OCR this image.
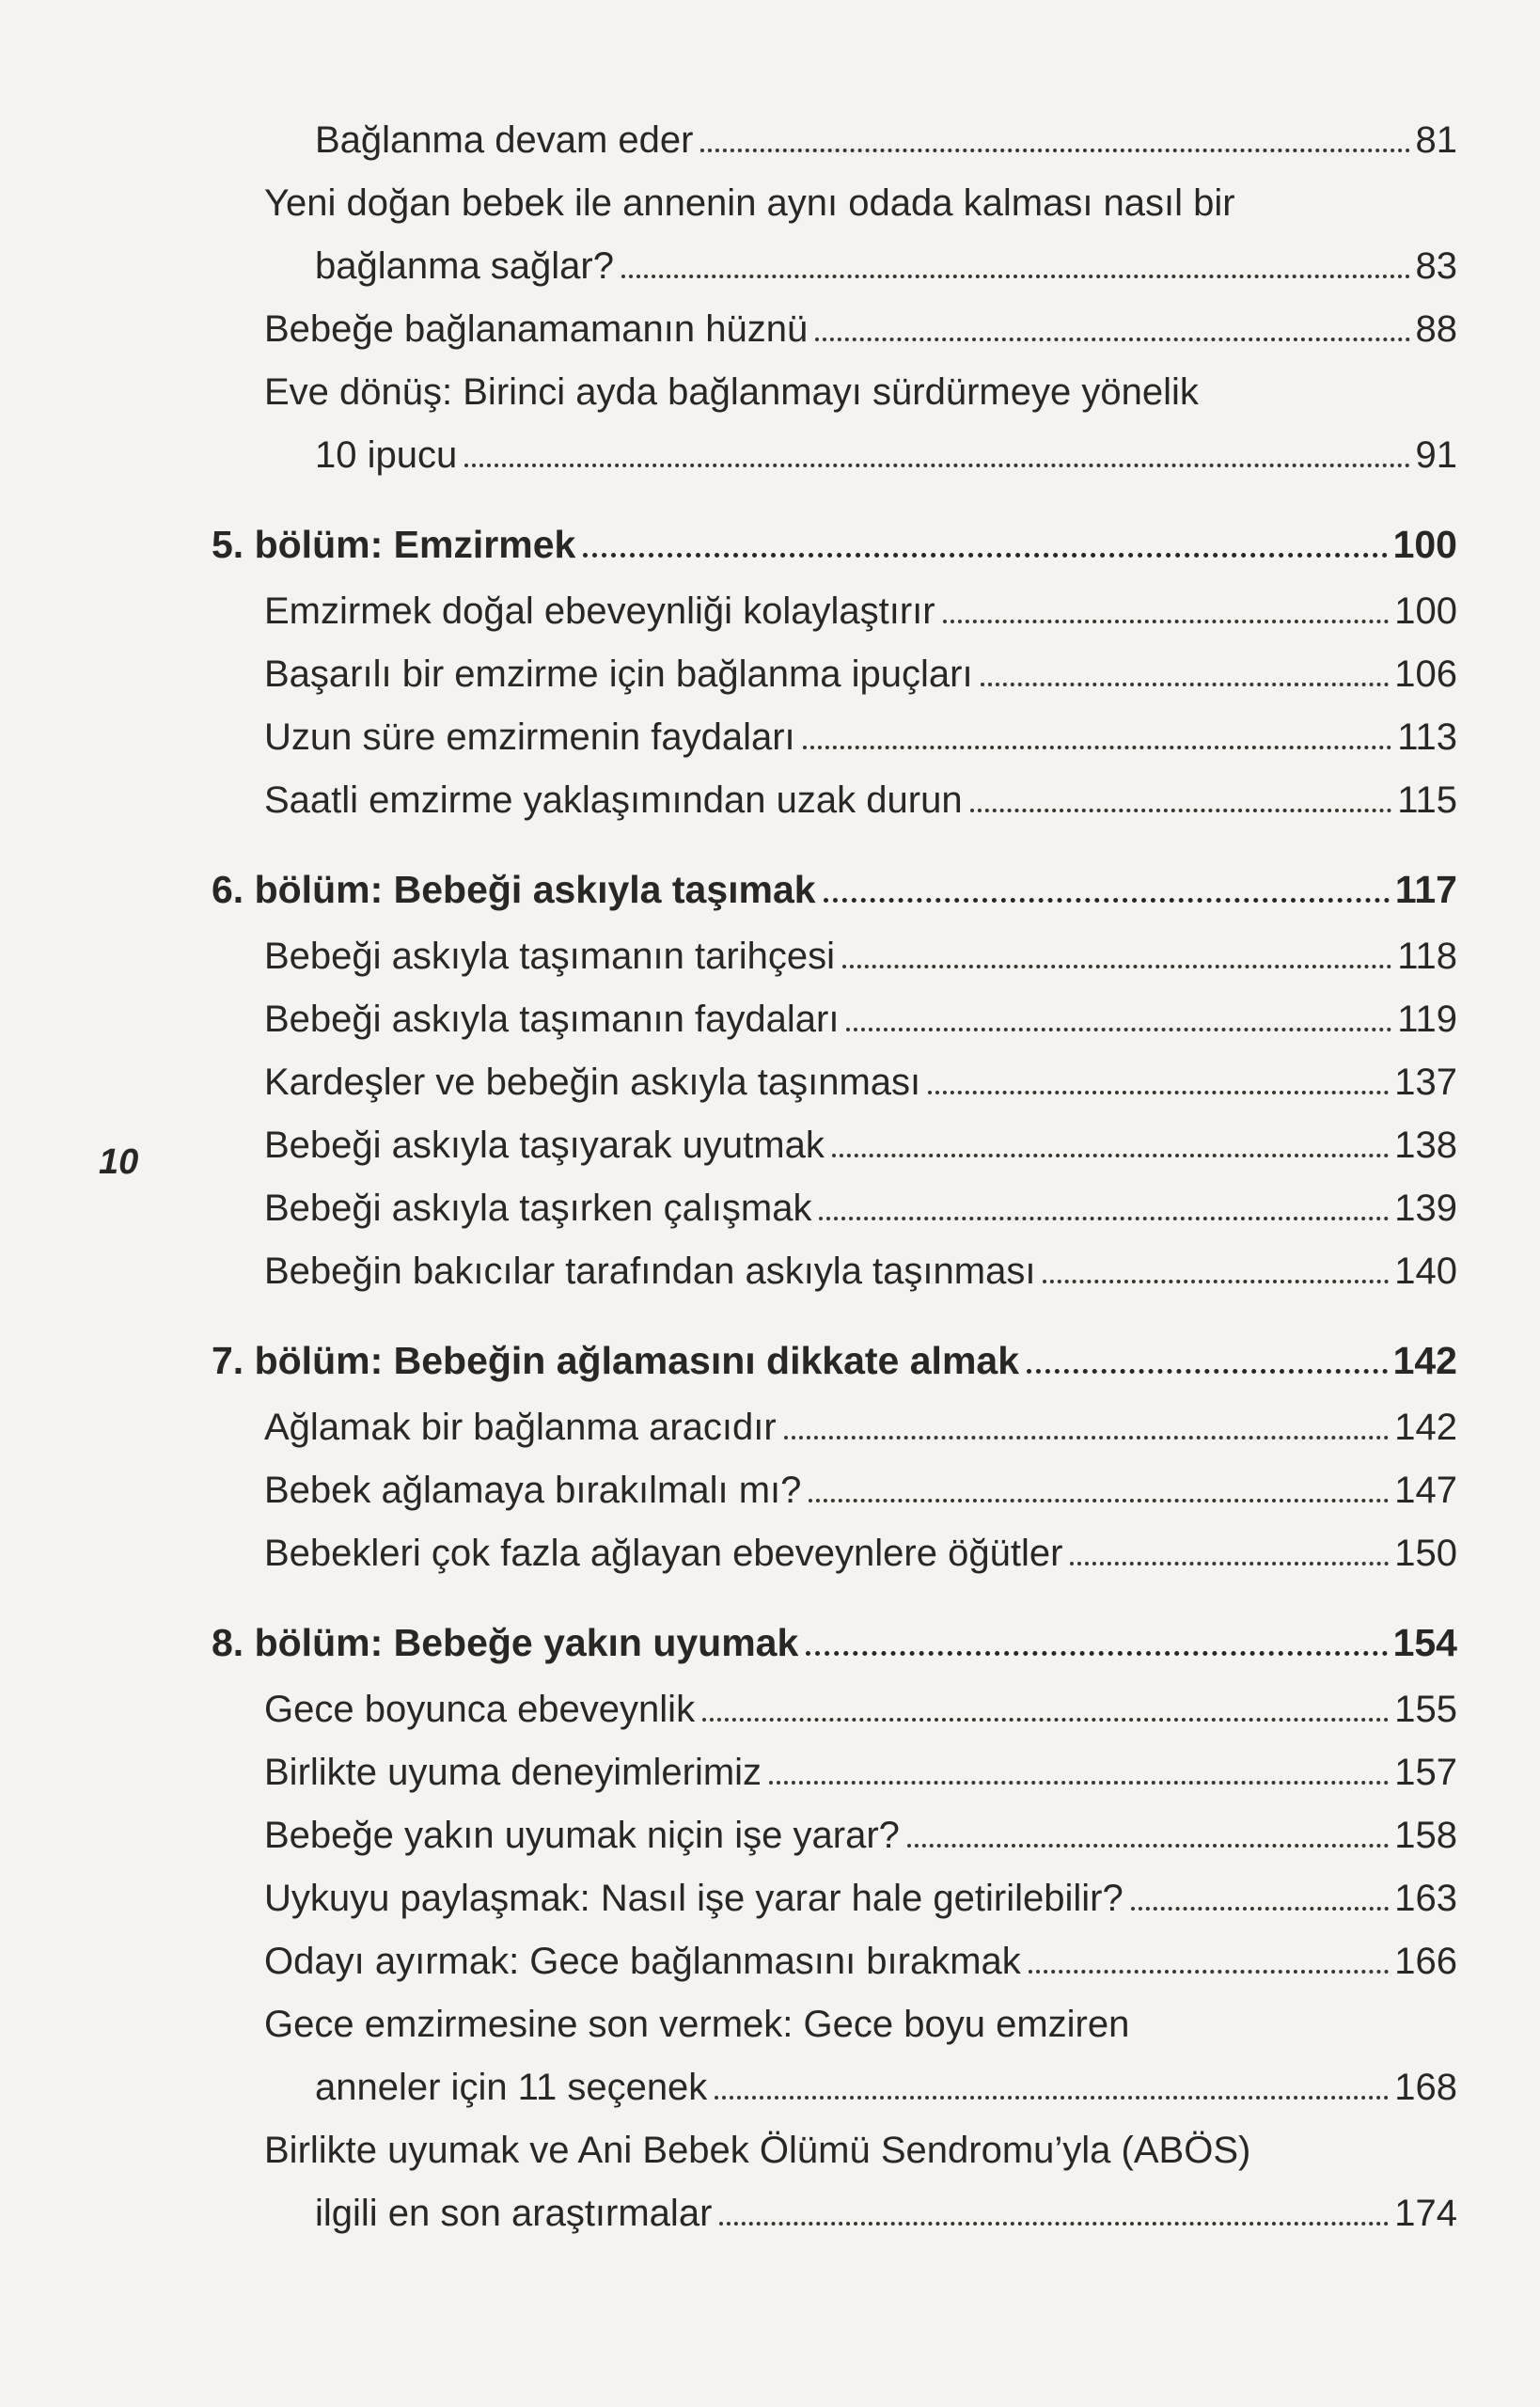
10
Bağlanma devam eder	81
Yeni doğan bebek ile annenin aynı odada kalması nasıl bir
bağlanma sağlar?	83
Bebeğe bağlanamamanın hüznü	88
Eve dönüş: Birinci ayda bağlanmayı sürdürmeye yönelik
10 ipucu	91
5. bölüm: Emzirmek	100
Emzirmek doğal ebeveynliği kolaylaştırır	100
Başarılı bir emzirme için bağlanma ipuçları	106
Uzun süre emzirmenin faydaları	113
Saatli emzirme yaklaşımından uzak durun	115
6. bölüm: Bebeği askıyla taşımak	117
Bebeği askıyla taşımanın tarihçesi	118
Bebeği askıyla taşımanın faydaları	119
Kardeşler ve bebeğin askıyla taşınması	137
Bebeği askıyla taşıyarak uyutmak	138
Bebeği askıyla taşırken çalışmak	139
Bebeğin bakıcılar tarafından askıyla taşınması	140
7. bölüm: Bebeğin ağlamasını dikkate almak	142
Ağlamak bir bağlanma aracıdır	142
Bebek ağlamaya bırakılmalı mı?	147
Bebekleri çok fazla ağlayan ebeveynlere öğütler	150
8. bölüm: Bebeğe yakın uyumak	154
Gece boyunca ebeveynlik	155
Birlikte uyuma deneyimlerimiz	157
Bebeğe yakın uyumak niçin işe yarar?	158
Uykuyu paylaşmak: Nasıl işe yarar hale getirilebilir?	163
Odayı ayırmak: Gece bağlanmasını bırakmak	166
Gece emzirmesine son vermek: Gece boyu emziren
anneler için 11 seçenek	168
Birlikte uyumak ve Ani Bebek Ölümü Sendromu’yla (ABÖS)
ilgili en son araştırmalar	174
